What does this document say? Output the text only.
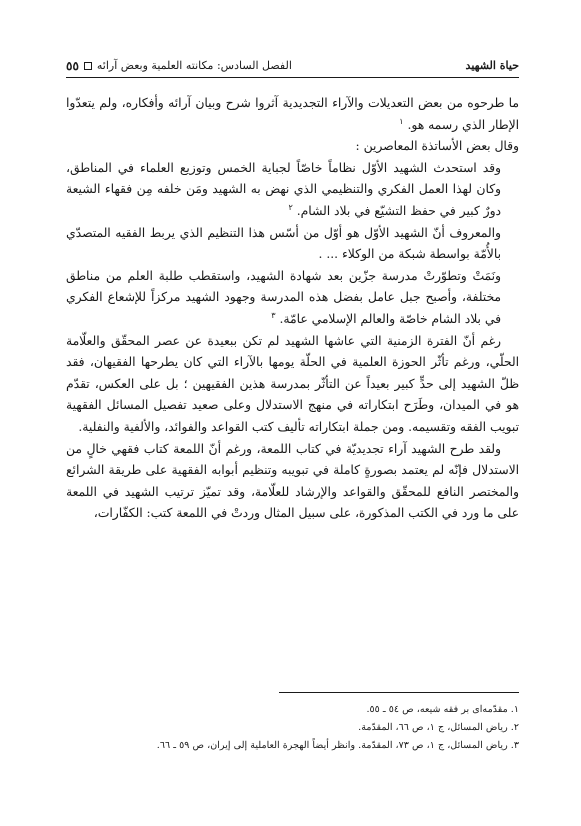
حياة الشهيد
الفصل السادس: مكانته العلمية وبعض آرائه
٥٥

ما طرحوه من بعض التعديلات والآراء التجديدية آثروا شرح وبيان آرائه وأفكاره، ولم يتعدّوا الإطار الذي رسمه هو. $^١$

وقال بعض الأساتذة المعاصرين :

وقد استحدث الشهيد الأوّل نظاماً خاصّاً لجباية الخمس وتوزيع العلماء في المناطق، وكان لهذا العمل الفكري والتنظيمي الذي نهض به الشهيد ومَن خلفه مِن فقهاء الشيعة دورٌ كبير في حفظ التشيّع في بلاد الشام. $^٢$

والمعروف أنّ الشهيد الأوّل هو أوّل من أسّس هذا التنظيم الذي يربط الفقيه المتصدّي بالأُمّة بواسطة شبكة من الوكلاء ... .

ونَمَتْ وتطوّرتْ مدرسة جزّين بعد شهادة الشهيد، واستقطب طلبة العلم من مناطق مختلفة، وأصبح جبل عامل بفضل هذه المدرسة وجهود الشهيد مركزاً للإشعاع الفكري في بلاد الشام خاصّة والعالم الإسلامي عامّة. $^٣$

رغم أنّ الفترة الزمنية التي عاشها الشهيد لم تكن ببعيدة عن عصر المحقّق والعلّامة الحلّي، ورغم تأثّر الحوزة العلمية في الحلّة يومها بالآراء التي كان يطرحها الفقيهان، فقد ظلّ الشهيد إلى حدٍّ كبير بعيداً عن التأثّر بمدرسة هذين الفقيهين ؛ بل على العكس، تقدّم هو في الميدان، وطَرَح ابتكاراته في منهج الاستدلال وعلى صعيد تفصيل المسائل الفقهية تبويب الفقه وتقسيمه. ومن جملة ابتكاراته تأليف كتب القواعد والفوائد، والألفية والنفلية.

ولقد طرح الشهيد آراء تجديديّة في كتاب اللمعة، ورغم أنّ اللمعة كتاب فقهي خالٍ من الاستدلال فإنّه لم يعتمد بصورةٍ كاملة في تبويبه وتنظيم أبوابه الفقهية على طريقة الشرائع والمختصر النافع للمحقّق والقواعد والإرشاد للعلّامة، وقد تميّز ترتيب الشهيد في اللمعة على ما ورد في الكتب المذكورة، على سبيل المثال وردتْ في اللمعة كتب: الكفّارات،

١. مقدّمه‌اى بر فقه شيعه، ص ٥٤ ـ ٥٥.
٢. رياض المسائل، ج ١، ص ٦٦، المقدّمة.
٣. رياض المسائل، ج ١، ص ٧٣، المقدّمة. وانظر أيضاً الهجرة العاملية إلى إيران، ص ٥٩ ـ ٦٦.
